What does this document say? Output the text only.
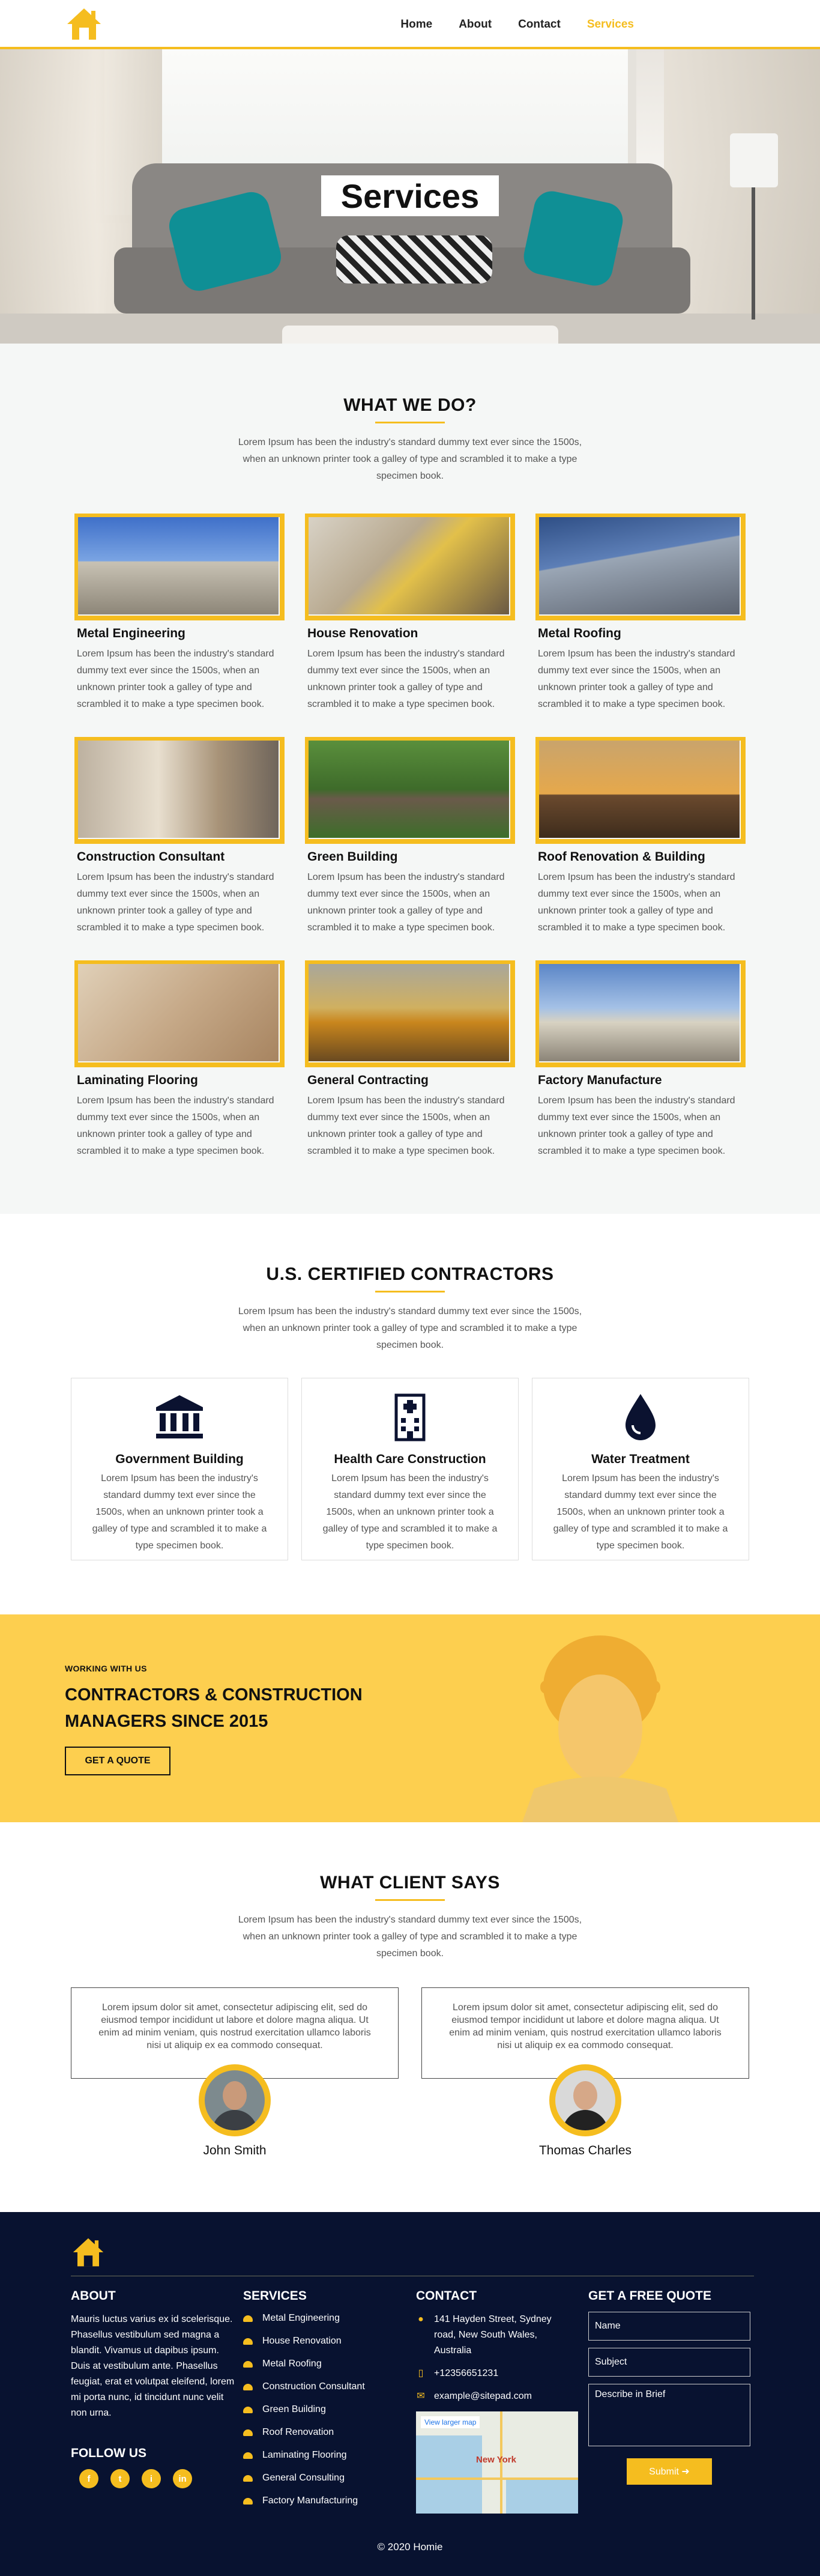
Home About Contact Services
Services
WHAT WE DO?

Lorem Ipsum has been the industry's standard dummy text ever since the 1500s, when an unknown printer took a galley of type and scrambled it to make a type specimen book.

Metal Engineering

Lorem Ipsum has been the industry's standard dummy text ever since the 1500s, when an unknown printer took a galley of type and scrambled it to make a type specimen book.

House Renovation

Lorem Ipsum has been the industry's standard dummy text ever since the 1500s, when an unknown printer took a galley of type and scrambled it to make a type specimen book.

Metal Roofing

Lorem Ipsum has been the industry's standard dummy text ever since the 1500s, when an unknown printer took a galley of type and scrambled it to make a type specimen book.

Construction Consultant

Lorem Ipsum has been the industry's standard dummy text ever since the 1500s, when an unknown printer took a galley of type and scrambled it to make a type specimen book.

Green Building

Lorem Ipsum has been the industry's standard dummy text ever since the 1500s, when an unknown printer took a galley of type and scrambled it to make a type specimen book.

Roof Renovation & Building

Lorem Ipsum has been the industry's standard dummy text ever since the 1500s, when an unknown printer took a galley of type and scrambled it to make a type specimen book.

Laminating Flooring

Lorem Ipsum has been the industry's standard dummy text ever since the 1500s, when an unknown printer took a galley of type and scrambled it to make a type specimen book.

General Contracting

Lorem Ipsum has been the industry's standard dummy text ever since the 1500s, when an unknown printer took a galley of type and scrambled it to make a type specimen book.

Factory Manufacture

Lorem Ipsum has been the industry's standard dummy text ever since the 1500s, when an unknown printer took a galley of type and scrambled it to make a type specimen book.

U.S. CERTIFIED CONTRACTORS

Lorem Ipsum has been the industry's standard dummy text ever since the 1500s, when an unknown printer took a galley of type and scrambled it to make a type specimen book.

Government Building

Lorem Ipsum has been the industry's standard dummy text ever since the 1500s, when an unknown printer took a galley of type and scrambled it to make a type specimen book.

Health Care Construction

Lorem Ipsum has been the industry's standard dummy text ever since the 1500s, when an unknown printer took a galley of type and scrambled it to make a type specimen book.

Water Treatment

Lorem Ipsum has been the industry's standard dummy text ever since the 1500s, when an unknown printer took a galley of type and scrambled it to make a type specimen book.

WORKING WITH US
CONTRACTORS & CONSTRUCTION MANAGERS SINCE 2015
GET A QUOTE
WHAT CLIENT SAYS

Lorem Ipsum has been the industry's standard dummy text ever since the 1500s, when an unknown printer took a galley of type and scrambled it to make a type specimen book.

Lorem ipsum dolor sit amet, consectetur adipiscing elit, sed do eiusmod tempor incididunt ut labore et dolore magna aliqua. Ut enim ad minim veniam, quis nostrud exercitation ullamco laboris nisi ut aliquip ex ea commodo consequat.
John Smith
Lorem ipsum dolor sit amet, consectetur adipiscing elit, sed do eiusmod tempor incididunt ut labore et dolore magna aliqua. Ut enim ad minim veniam, quis nostrud exercitation ullamco laboris nisi ut aliquip ex ea commodo consequat.
Thomas Charles
ABOUT
Mauris luctus varius ex id scelerisque. Phasellus vestibulum sed magna a blandit. Vivamus ut dapibus ipsum. Duis at vestibulum ante. Phasellus feugiat, erat et volutpat eleifend, lorem mi porta nunc, id tincidunt nunc velit non urna.
FOLLOW US
f	t	i	in
SERVICES
Metal Engineering
House Renovation
Metal Roofing
Construction Consultant
Green Building
Roof Renovation
Laminating Flooring
General Consulting
Factory Manufacturing
CONTACT
● 141 Hayden Street, Sydney road, New South Wales, Australia
▯ +12356651231
✉ example@sitepad.com
View larger map
New York
GET A FREE QUOTE
Name
Subject
Describe in Brief
Submit ➜
© 2020 Homie
